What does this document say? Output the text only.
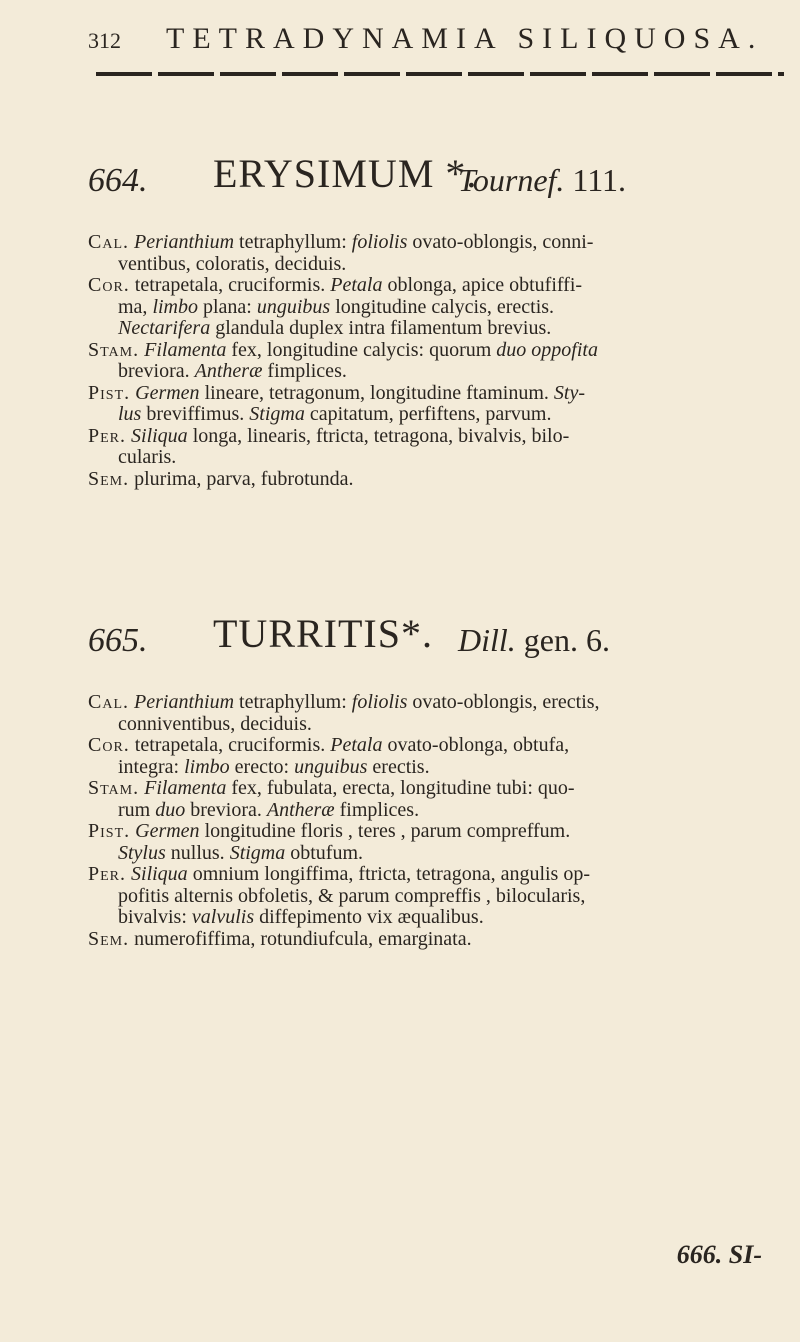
312 TETRADYNAMIA SILIQUOSA.
664. ERYSIMUM *.
Tournef. 111.
Cal. Perianthium tetraphyllum: foliolis ovato-oblongis, conni-
ventibus, coloratis, deciduis.
Cor. tetrapetala, cruciformis. Petala oblonga, apice obtufiffi-
ma, limbo plana: unguibus longitudine calycis, erectis.
Nectarifera glandula duplex intra filamentum brevius.
Stam. Filamenta fex, longitudine calycis: quorum duo oppofita
breviora. Antheræ fimplices.
Pist. Germen lineare, tetragonum, longitudine ftaminum. Sty-
lus breviffimus. Stigma capitatum, perfiftens, parvum.
Per. Siliqua longa, linearis, ftricta, tetragona, bivalvis, bilo-
cularis.
Sem. plurima, parva, fubrotunda.
665. TURRITIS*. Dill. gen. 6.
Cal. Perianthium tetraphyllum: foliolis ovato-oblongis, erectis,
conniventibus, deciduis.
Cor. tetrapetala, cruciformis. Petala ovato-oblonga, obtufa,
integra: limbo erecto: unguibus erectis.
Stam. Filamenta fex, fubulata, erecta, longitudine tubi: quo-
rum duo breviora. Antheræ fimplices.
Pist. Germen longitudine floris , teres , parum compreffum.
Stylus nullus. Stigma obtufum.
Per. Siliqua omnium longiffima, ftricta, tetragona, angulis op-
pofitis alternis obfoletis, & parum compreffis , bilocularis,
bivalvis: valvulis diffepimento vix æqualibus.
Sem. numerofiffima, rotundiufcula, emarginata.
666. SI-
